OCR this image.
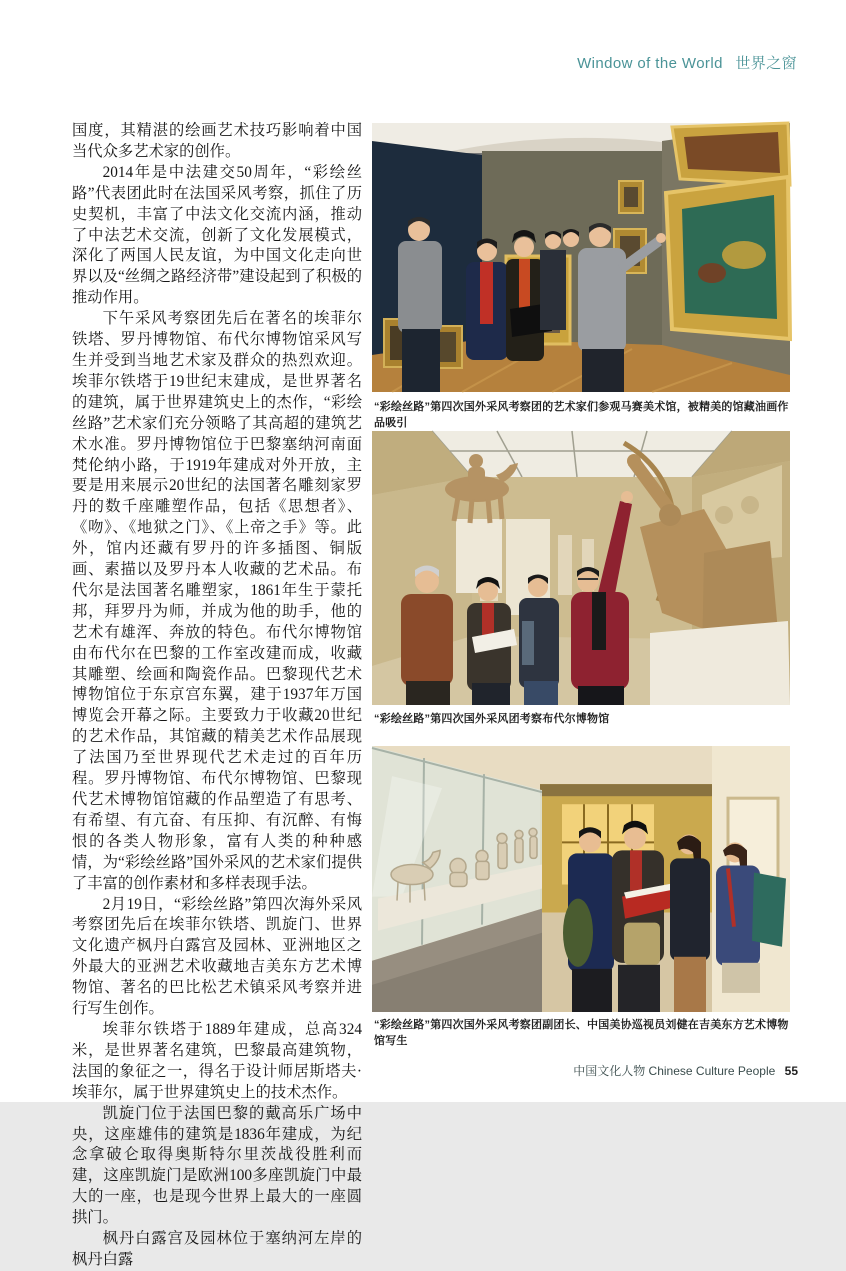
Window of the World 世界之窗

国度，其精湛的绘画艺术技巧影响着中国当代众多艺术家的创作。

2014年是中法建交50周年，“彩绘丝路”代表团此时在法国采风考察，抓住了历史契机，丰富了中法文化交流内涵，推动了中法艺术交流，创新了文化发展模式，深化了两国人民友谊，为中国文化走向世界以及“丝绸之路经济带”建设起到了积极的推动作用。

下午采风考察团先后在著名的埃菲尔铁塔、罗丹博物馆、布代尔博物馆采风写生并受到当地艺术家及群众的热烈欢迎。埃菲尔铁塔于19世纪末建成，是世界著名的建筑，属于世界建筑史上的杰作，“彩绘丝路”艺术家们充分领略了其高超的建筑艺术水准。罗丹博物馆位于巴黎塞纳河南面梵伦纳小路，于1919年建成对外开放，主要是用来展示20世纪的法国著名雕刻家罗丹的数千座雕塑作品，包括《思想者》、《吻》、《地狱之门》、《上帝之手》等。此外，馆内还藏有罗丹的许多插图、铜版画、素描以及罗丹本人收藏的艺术品。布代尔是法国著名雕塑家，1861年生于蒙托邦，拜罗丹为师，并成为他的助手，他的艺术有雄浑、奔放的特色。布代尔博物馆由布代尔在巴黎的工作室改建而成，收藏其雕塑、绘画和陶瓷作品。巴黎现代艺术博物馆位于东京宫东翼，建于1937年万国博览会开幕之际。主要致力于收藏20世纪的艺术作品，其馆藏的精美艺术作品展现了法国乃至世界现代艺术走过的百年历程。罗丹博物馆、布代尔博物馆、巴黎现代艺术博物馆馆藏的作品塑造了有思考、有希望、有亢奋、有压抑、有沉醉、有悔恨的各类人物形象，富有人类的种种感情，为“彩绘丝路”国外采风的艺术家们提供了丰富的创作素材和多样表现手法。

2月19日，“彩绘丝路”第四次海外采风考察团先后在埃菲尔铁塔、凯旋门、世界文化遗产枫丹白露宫及园林、亚洲地区之外最大的亚洲艺术收藏地吉美东方艺术博物馆、著名的巴比松艺术镇采风考察并进行写生创作。

埃菲尔铁塔于1889年建成，总高324米，是世界著名建筑，巴黎最高建筑物，法国的象征之一，得名于设计师居斯塔夫·埃菲尔，属于世界建筑史上的技术杰作。

凯旋门位于法国巴黎的戴高乐广场中央，这座雄伟的建筑是1836年建成，为纪念拿破仑取得奥斯特尔里茨战役胜利而建，这座凯旋门是欧洲100多座凯旋门中最大的一座，也是现今世界上最大的一座圆拱门。

枫丹白露宫及园林位于塞纳河左岸的枫丹白露

“彩绘丝路”第四次国外采风考察团的艺术家们参观马赛美术馆，被精美的馆藏油画作品吸引
“彩绘丝路”第四次国外采风团考察布代尔博物馆
“彩绘丝路”第四次国外采风考察团副团长、中国美协巡视员刘健在吉美东方艺术博物馆写生
中国文化人物 Chinese Culture People 55
